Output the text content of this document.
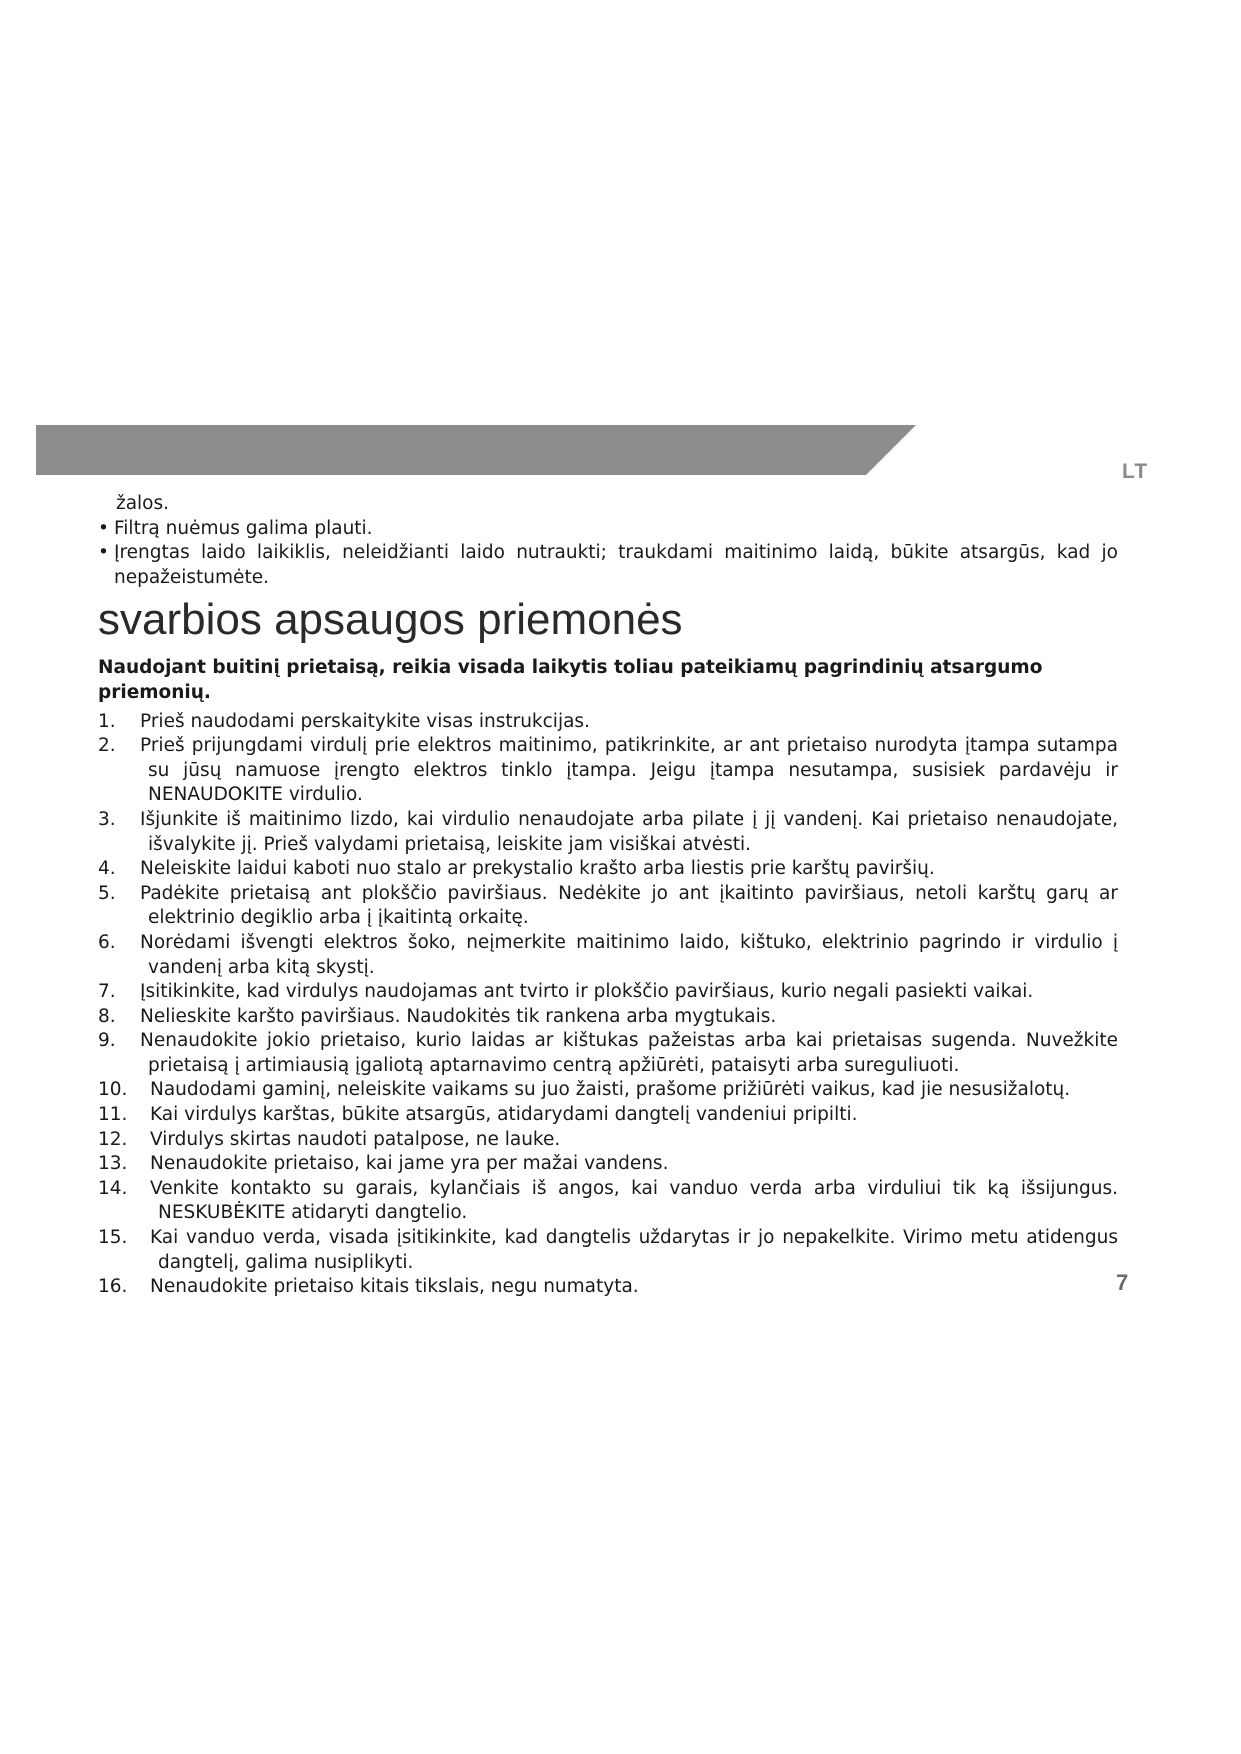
LT
žalos.
• Filtrą nuėmus galima plauti.
• Įrengtas laido laikiklis, neleidžianti laido nutraukti; traukdami maitinimo laidą, būkite atsargūs, kad jo nepažeistumėte.
svarbios apsaugos priemonės
Naudojant buitinį prietaisą, reikia visada laikytis toliau pateikiamų pagrindinių atsargumo priemonių.
1.	Prieš naudodami perskaitykite visas instrukcijas.
2.	Prieš prijungdami virdulį prie elektros maitinimo, patikrinkite, ar ant prietaiso nurodyta įtampa sutampa su jūsų namuose įrengto elektros tinklo įtampa. Jeigu įtampa nesutampa, susisiek pardavėju ir NENAUDOKITE virdulio.
3.	Išjunkite iš maitinimo lizdo, kai virdulio nenaudojate arba pilate į jį vandenį. Kai prietaiso nenaudojate, išvalykite jį. Prieš valydami prietaisą, leiskite jam visiškai atvėsti.
4.	Neleiskite laidui kaboti nuo stalo ar prekystalio krašto arba liestis prie karštų paviršių.
5.	Padėkite prietaisą ant plokščio paviršiaus. Nedėkite jo ant įkaitinto paviršiaus, netoli karštų garų ar elektrinio degiklio arba į įkaitintą orkaitę.
6.	Norėdami išvengti elektros šoko, neįmerkite maitinimo laido, kištuko, elektrinio pagrindo ir virdulio į vandenį arba kitą skystį.
7.	Įsitikinkite, kad virdulys naudojamas ant tvirto ir plokščio paviršiaus, kurio negali pasiekti vaikai.
8.	Nelieskite karšto paviršiaus. Naudokitės tik rankena arba mygtukais.
9.	Nenaudokite jokio prietaiso, kurio laidas ar kištukas pažeistas arba kai prietaisas sugenda. Nuvežkite prietaisą į artimiausią įgaliotą aptarnavimo centrą apžiūrėti, pataisyti arba sureguliuoti.
10.	Naudodami gaminį, neleiskite vaikams su juo žaisti, prašome prižiūrėti vaikus, kad jie nesusižalotų.
11.	Kai virdulys karštas, būkite atsargūs, atidarydami dangtelį vandeniui pripilti.
12.	Virdulys skirtas naudoti patalpose, ne lauke.
13.	Nenaudokite prietaiso, kai jame yra per mažai vandens.
14.	Venkite kontakto su garais, kylančiais iš angos, kai vanduo verda arba virduliui tik ką išsijungus. NESKUBĖKITE atidaryti dangtelio.
15.	Kai vanduo verda, visada įsitikinkite, kad dangtelis uždarytas ir jo nepakelkite. Virimo metu atidengus dangtelį, galima nusiplikyti.
16.	Nenaudokite prietaiso kitais tikslais, negu numatyta.	7
